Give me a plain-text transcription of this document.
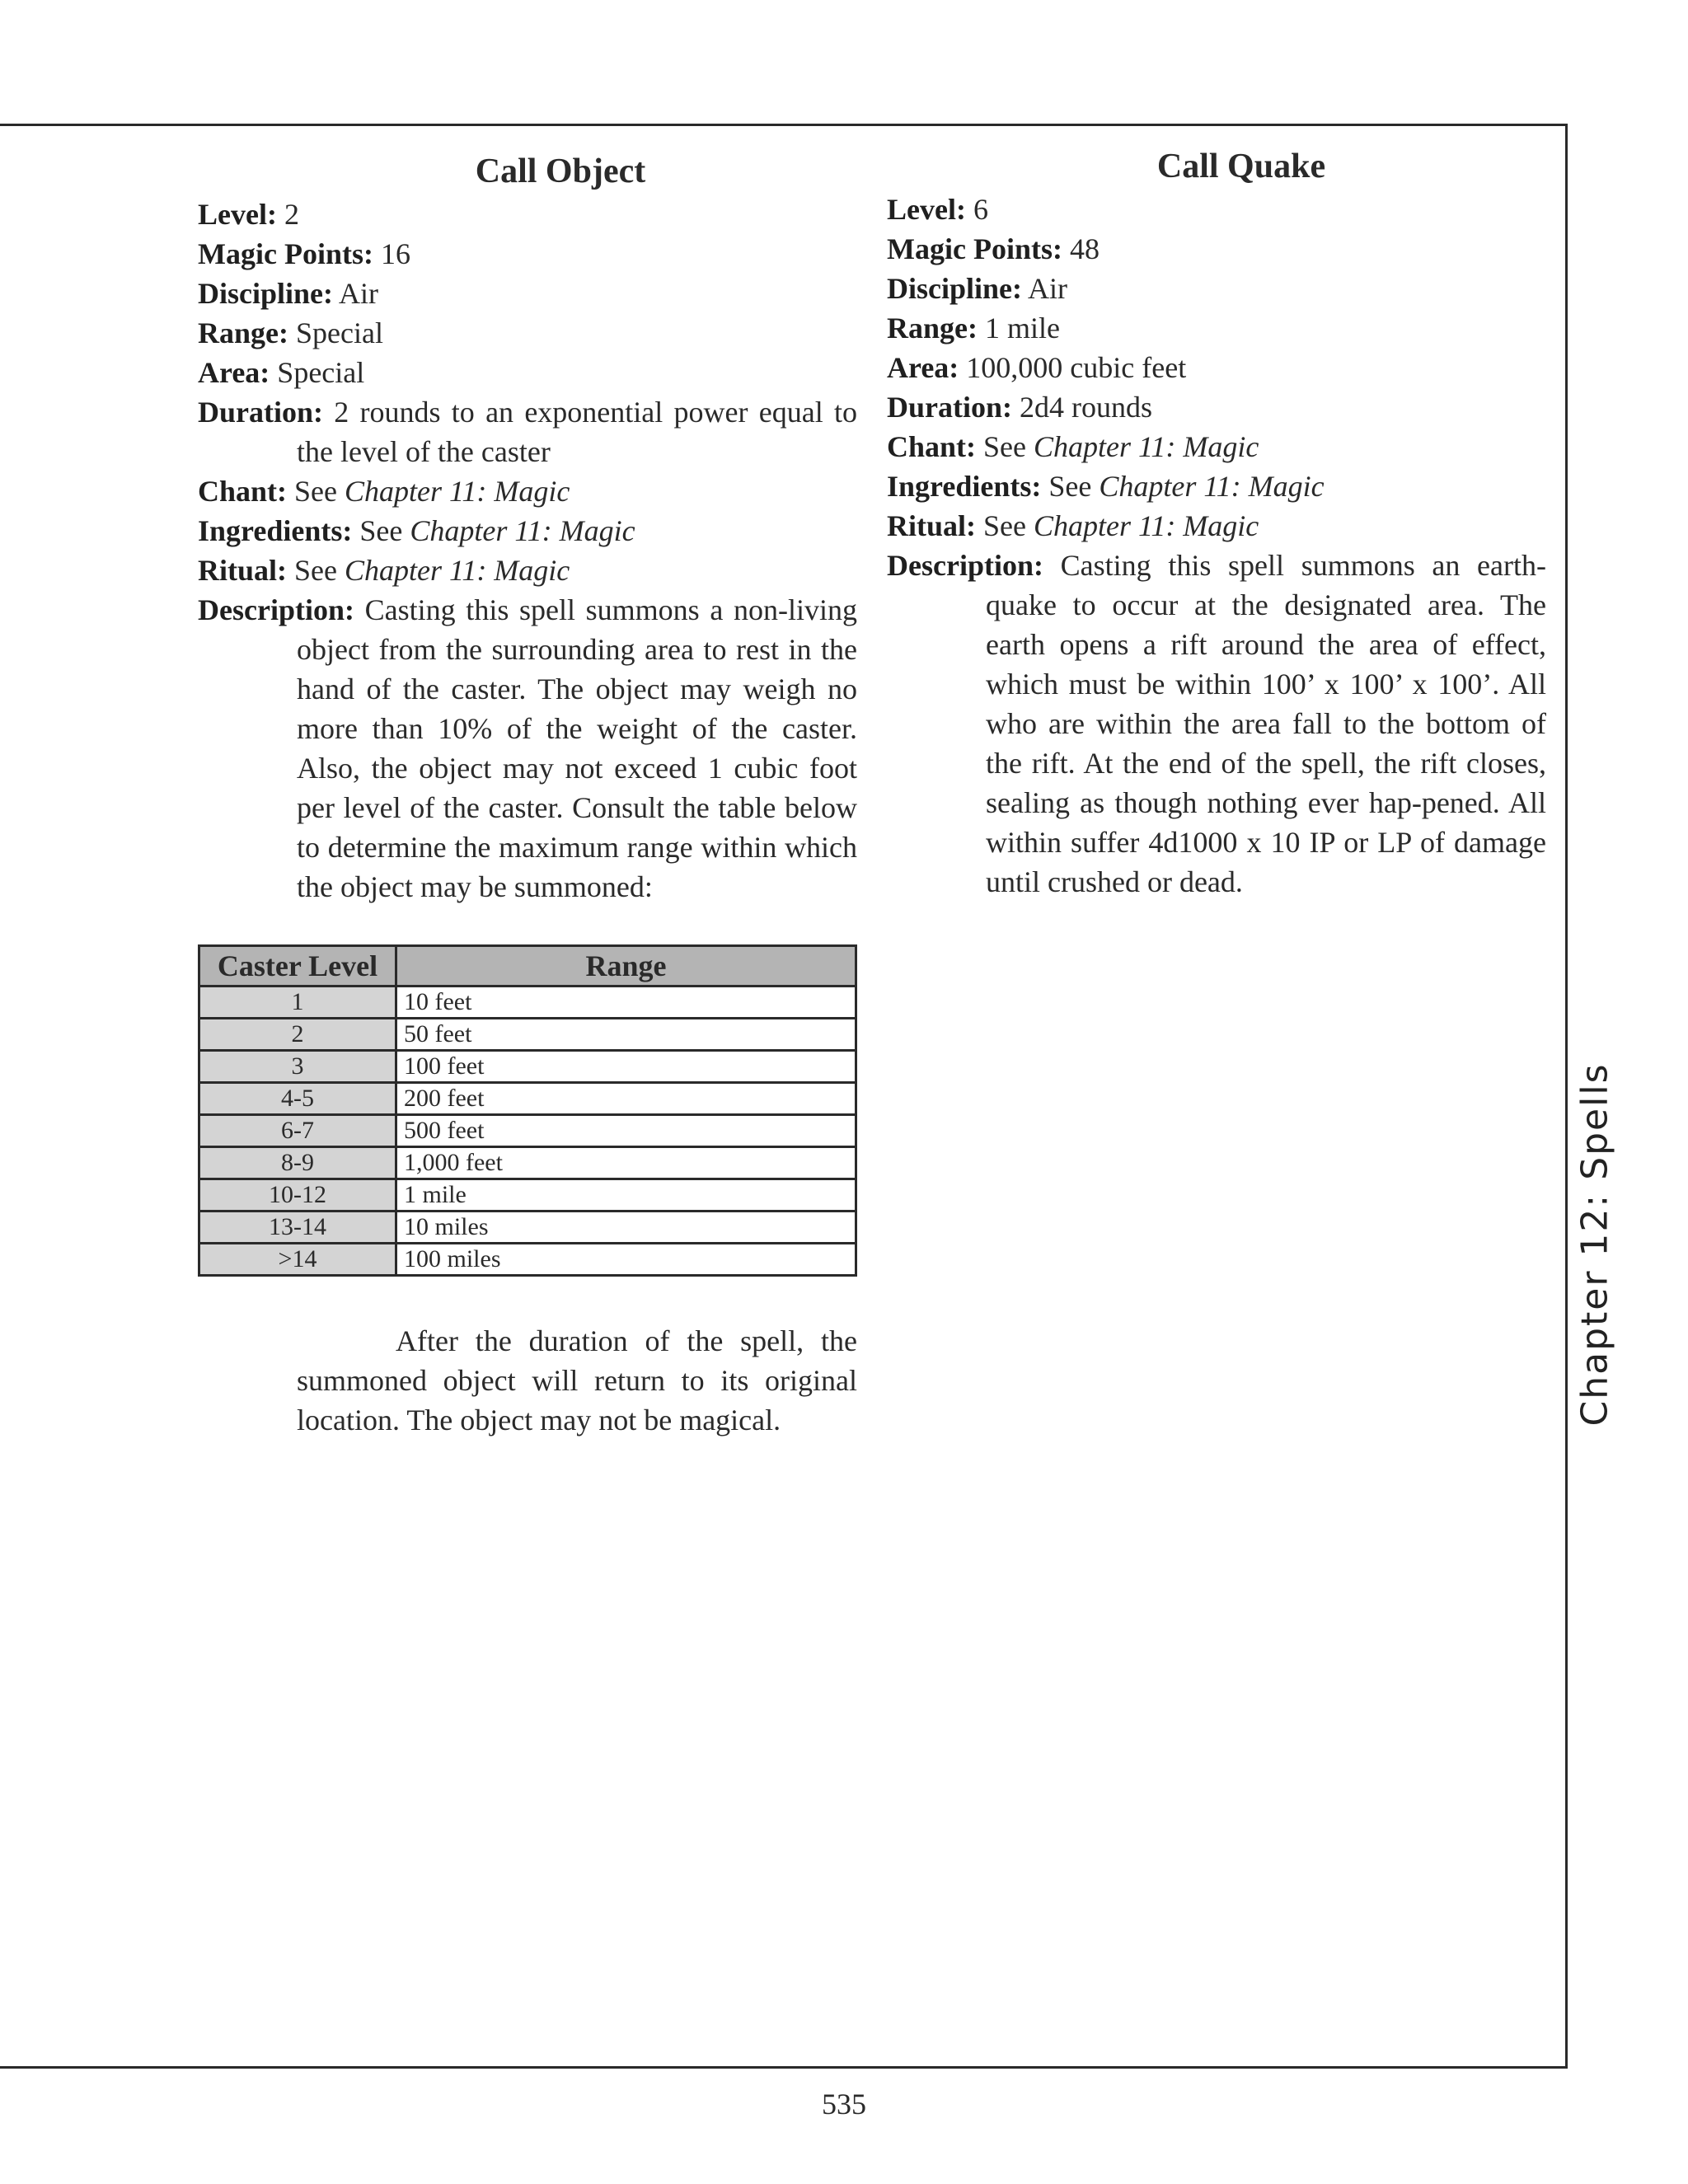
Chapter 12: Spells
Call Object

Level: 2

Magic Points: 16

Discipline: Air

Range: Special

Area: Special

Duration: 2 rounds to an exponential power equal to the level of the caster

Chant: See Chapter 11: Magic

Ingredients: See Chapter 11: Magic

Ritual: See Chapter 11: Magic

Description: Casting this spell summons a non-living object from the surrounding area to rest in the hand of the caster. The object may weigh no more than 10% of the weight of the caster. Also, the object may not exceed 1 cubic foot per level of the caster. Consult the table below to determine the maximum range within which the object may be summoned:

Caster Level	Range
1	10 feet
2	50 feet
3	100 feet
4-5	200 feet
6-7	500 feet
8-9	1,000 feet
10-12	1 mile
13-14	10 miles
>14	100 miles

After the duration of the spell, the summoned object will return to its original location. The object may not be magical.

Call Quake

Level: 6

Magic Points: 48

Discipline: Air

Range: 1 mile

Area: 100,000 cubic feet

Duration: 2d4 rounds

Chant: See Chapter 11: Magic

Ingredients: See Chapter 11: Magic

Ritual: See Chapter 11: Magic

Description: Casting this spell summons an earth-quake to occur at the designated area. The earth opens a rift around the area of effect, which must be within 100’ x 100’ x 100’. All who are within the area fall to the bottom of the rift. At the end of the spell, the rift closes, sealing as though nothing ever hap-pened. All within suffer 4d1000 x 10 IP or LP of damage until crushed or dead.

535
